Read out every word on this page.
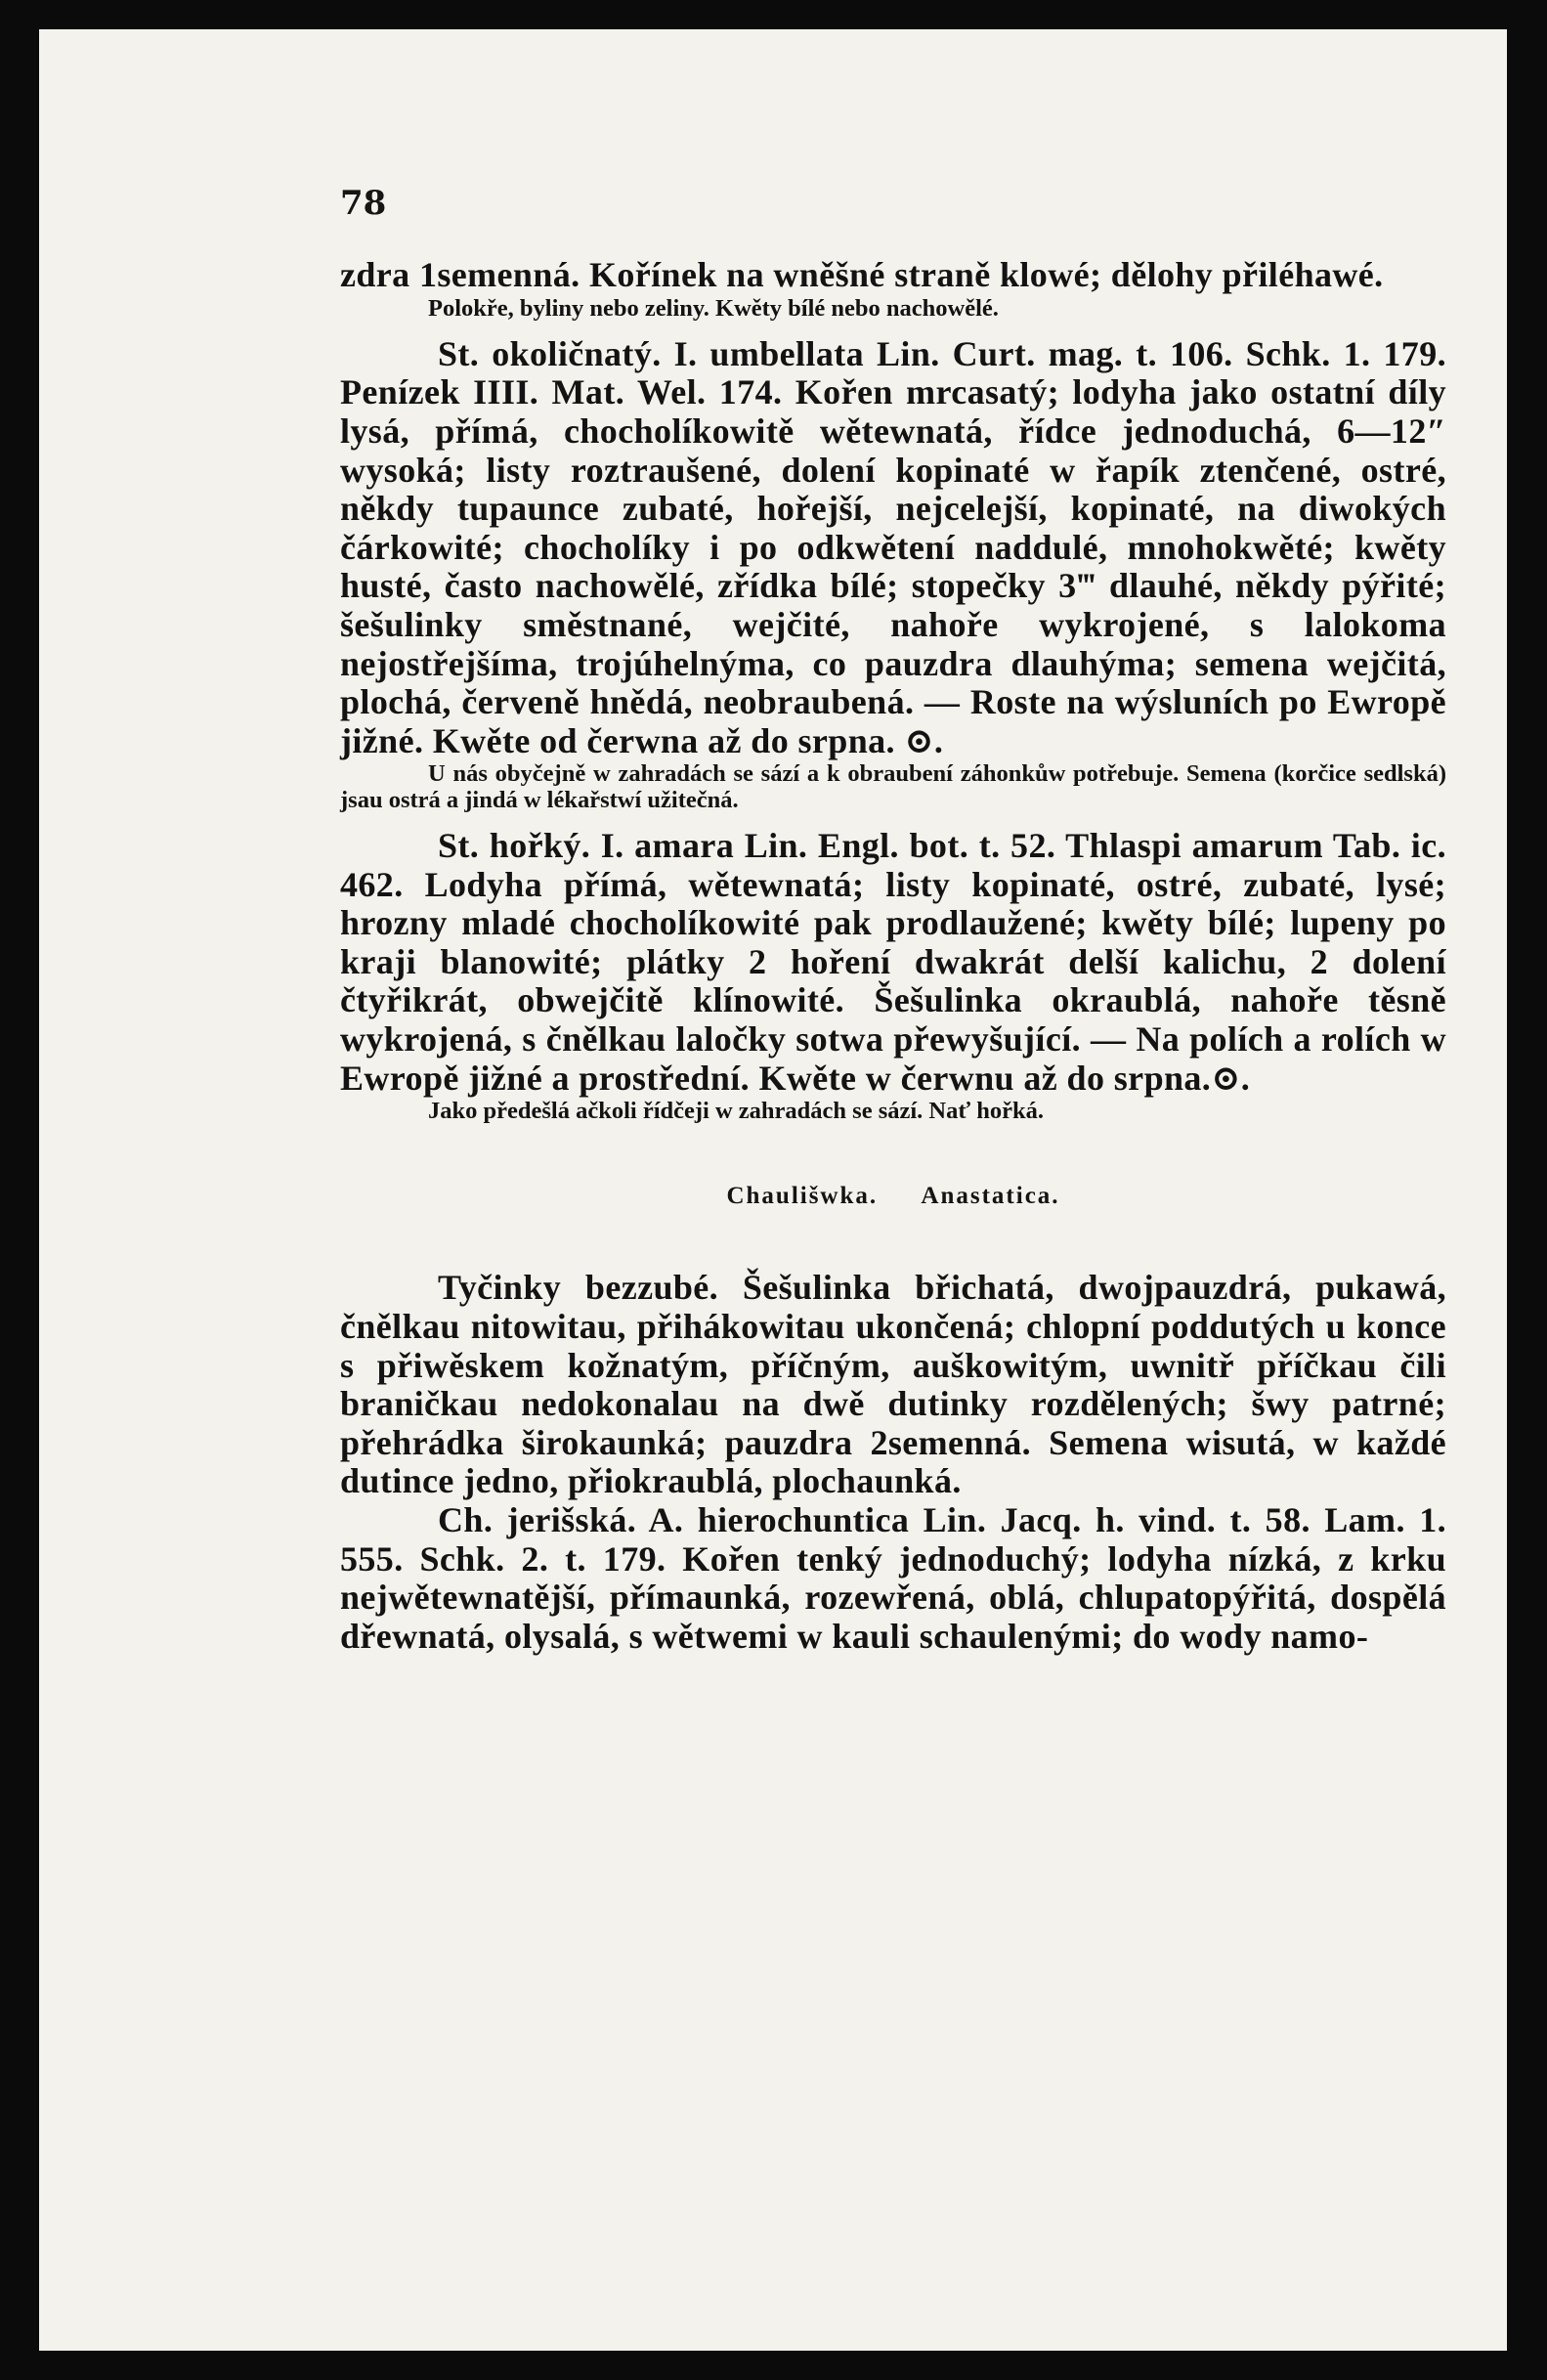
78

zdra 1semenná. Kořínek na wněšné straně klowé; dělohy přiléhawé.

Polokře, byliny nebo zeliny. Kwěty bílé nebo nachowělé.

St. okoličnatý. I. umbellata Lin. Curt. mag. t. 106. Schk. 1. 179. Penízek IIII. Mat. Wel. 174. Kořen mrcasatý; lodyha jako ostatní díly lysá, přímá, chocholíkowitě wětewnatá, řídce jednoduchá, 6—12″ wysoká; listy roztraušené, dolení kopinaté w řapík ztenčené, ostré, někdy tupaunce zubaté, hořejší, nejcelejší, kopinaté, na diwokých čárkowité; chocholíky i po odkwětení naddulé, mnohokwěté; kwěty husté, často nachowělé, zřídka bílé; stopečky 3‴ dlauhé, někdy pýřité; šešulinky směstnané, wejčité, nahoře wykrojené, s lalokoma nejostřejšíma, trojúhelnýma, co pauzdra dlauhýma; semena wejčitá, plochá, červeně hnědá, neobraubená. — Roste na wýsluních po Ewropě jižné. Kwěte od čerwna až do srpna. ⊙.

U nás obyčejně w zahradách se sází a k obraubení záhonkůw potřebuje. Semena (korčice sedlská) jsau ostrá a jindá w lékařstwí užitečná.

St. hořký. I. amara Lin. Engl. bot. t. 52. Thlaspi amarum Tab. ic. 462. Lodyha přímá, wětewnatá; listy kopinaté, ostré, zubaté, lysé; hrozny mladé chocholíkowité pak prodlaužené; kwěty bílé; lupeny po kraji blanowité; plátky 2 hoření dwakrát delší kalichu, 2 dolení čtyřikrát, obwejčitě klínowité. Šešulinka okraublá, nahoře těsně wykrojená, s čnělkau laločky sotwa přewyšující. — Na polích a rolích w Ewropě jižné a prostřední. Kwěte w čerwnu až do srpna.⊙.

Jako předešlá ačkoli řídčeji w zahradách se sází. Nať hořká.

Chaulišwka. Anastatica.

Tyčinky bezzubé. Šešulinka břichatá, dwojpauzdrá, pukawá, čnělkau nitowitau, přihákowitau ukončená; chlopní poddutých u konce s přiwěskem kožnatým, příčným, auškowitým, uwnitř příčkau čili braničkau nedokonalau na dwě dutinky rozdělených; šwy patrné; přehrádka širokaunká; pauzdra 2semenná. Semena wisutá, w každé dutince jedno, přiokraublá, plochaunká.

Ch. jerišská. A. hierochuntica Lin. Jacq. h. vind. t. 58. Lam. 1. 555. Schk. 2. t. 179. Kořen tenký jednoduchý; lodyha nízká, z krku nejwětewnatější, přímaunká, rozewřená, oblá, chlupatopýřitá, dospělá dřewnatá, olysalá, s wětwemi w kauli schaulenými; do wody namo-
